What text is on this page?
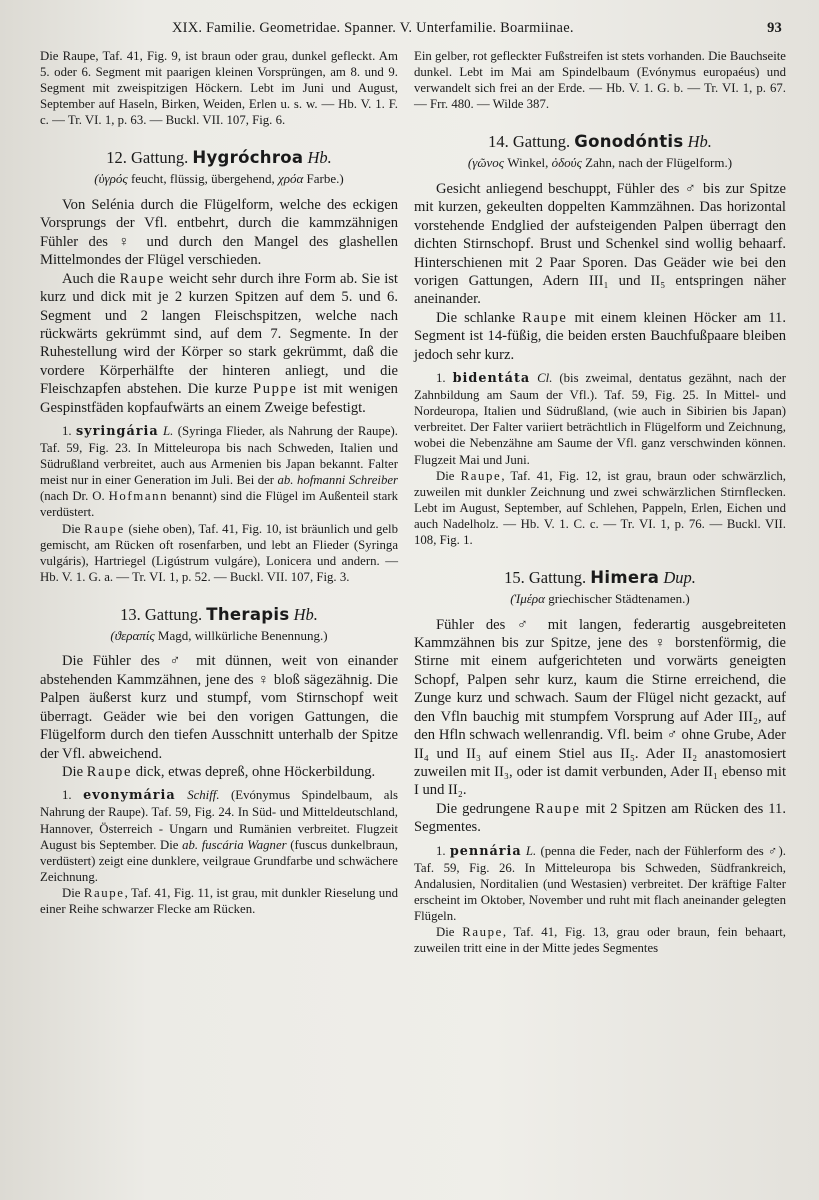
XIX. Familie. Geometridae. Spanner. V. Unterfamilie. Boarmiinae.	93

Die Raupe, Taf. 41, Fig. 9, ist braun oder grau, dunkel gefleckt. Am 5. oder 6. Segment mit paarigen kleinen Vorsprüngen, am 8. und 9. Segment mit zweispitzigen Höckern. Lebt im Juni und August, September auf Haseln, Birken, Weiden, Erlen u. s. w. — Hb. V. 1. F. c. — Tr. VI. 1, p. 63. — Buckl. VII. 107, Fig. 6.

12. Gattung. Hygróchroa Hb.
(ὑγρός feucht, flüssig, übergehend, χρόα Farbe.)

Von Selénia durch die Flügelform, welche des eckigen Vorsprungs der Vfl. entbehrt, durch die kammzähnigen Fühler des ♀ und durch den Mangel des glashellen Mittelmondes der Flügel verschieden.

Auch die Raupe weicht sehr durch ihre Form ab. Sie ist kurz und dick mit je 2 kurzen Spitzen auf dem 5. und 6. Segment und 2 langen Fleischspitzen, welche nach rückwärts gekrümmt sind, auf dem 7. Segmente. In der Ruhestellung wird der Körper so stark gekrümmt, daß die vordere Körperhälfte der hinteren anliegt, und die Fleischzapfen abstehen. Die kurze Puppe ist mit wenigen Gespinstfäden kopfaufwärts an einem Zweige befestigt.

1. syringária L. (Syringa Flieder, als Nahrung der Raupe). Taf. 59, Fig. 23. In Mitteleuropa bis nach Schweden, Italien und Südrußland verbreitet, auch aus Armenien bis Japan bekannt. Falter meist nur in einer Generation im Juli. Bei der ab. hofmanni Schreiber (nach Dr. O. Hofmann benannt) sind die Flügel im Außenteil stark verdüstert.

Die Raupe (siehe oben), Taf. 41, Fig. 10, ist bräunlich und gelb gemischt, am Rücken oft rosenfarben, und lebt an Flieder (Syringa vulgáris), Hartriegel (Ligústrum vulgáre), Lonicera und andern. — Hb. V. 1. G. a. — Tr. VI. 1, p. 52. — Buckl. VII. 107, Fig. 3.

13. Gattung. Therapis Hb.
(ϑεραπίς Magd, willkürliche Benennung.)

Die Fühler des ♂ mit dünnen, weit von einander abstehenden Kammzähnen, jene des ♀ bloß sägezähnig. Die Palpen äußerst kurz und stumpf, vom Stirnschopf weit überragt. Geäder wie bei den vorigen Gattungen, die Flügelform durch den tiefen Ausschnitt unterhalb der Spitze der Vfl. abweichend.

Die Raupe dick, etwas depreß, ohne Höckerbildung.

1. evonymária Schiff. (Evónymus Spindelbaum, als Nahrung der Raupe). Taf. 59, Fig. 24. In Süd- und Mitteldeutschland, Hannover, Österreich - Ungarn und Rumänien verbreitet. Flugzeit August bis September. Die ab. fuscária Wagner (fuscus dunkelbraun, verdüstert) zeigt eine dunklere, veilgraue Grundfarbe und schwächere Zeichnung.

Die Raupe, Taf. 41, Fig. 11, ist grau, mit dunkler Rieselung und einer Reihe schwarzer Flecke am Rücken.

Ein gelber, rot gefleckter Fußstreifen ist stets vorhanden. Die Bauchseite dunkel. Lebt im Mai am Spindelbaum (Evónymus europaéus) und verwandelt sich frei an der Erde. — Hb. V. 1. G. b. — Tr. VI. 1, p. 67. — Frr. 480. — Wilde 387.

14. Gattung. Gonodóntis Hb.
(γῶνος Winkel, ὀδούς Zahn, nach der Flügelform.)

Gesicht anliegend beschuppt, Fühler des ♂ bis zur Spitze mit kurzen, gekeulten doppelten Kammzähnen. Das horizontal vorstehende Endglied der aufsteigenden Palpen überragt den dichten Stirnschopf. Brust und Schenkel sind wollig behaarf. Hinterschienen mit 2 Paar Sporen. Das Geäder wie bei den vorigen Gattungen, Adern III₁ und II₅ entspringen näher aneinander.

Die schlanke Raupe mit einem kleinen Höcker am 11. Segment ist 14-füßig, die beiden ersten Bauchfußpaare bleiben jedoch sehr kurz.

1. bidentáta Cl. (bis zweimal, dentatus gezähnt, nach der Zahnbildung am Saum der Vfl.). Taf. 59, Fig. 25. In Mittel- und Nordeuropa, Italien und Südrußland, (wie auch in Sibirien bis Japan) verbreitet. Der Falter variiert beträchtlich in Flügelform und Zeichnung, wobei die Nebenzähne am Saume der Vfl. ganz verschwinden können. Flugzeit Mai und Juni.

Die Raupe, Taf. 41, Fig. 12, ist grau, braun oder schwärzlich, zuweilen mit dunkler Zeichnung und zwei schwärzlichen Stirnflecken. Lebt im August, September, auf Schlehen, Pappeln, Erlen, Eichen und auch Nadelholz. — Hb. V. 1. C. c. — Tr. VI. 1, p. 76. — Buckl. VII. 108, Fig. 1.

15. Gattung. Himera Dup.
(Ἱμέρα griechischer Städtenamen.)

Fühler des ♂ mit langen, federartig ausgebreiteten Kammzähnen bis zur Spitze, jene des ♀ borstenförmig, die Stirne mit einem aufgerichteten und vorwärts geneigten Schopf, Palpen sehr kurz, kaum die Stirne erreichend, die Zunge kurz und schwach. Saum der Flügel nicht gezackt, auf den Vfln bauchig mit stumpfem Vorsprung auf Ader III₂, auf den Hfln schwach wellenrandig. Vfl. beim ♂ ohne Grube, Ader II₄ und II₃ auf einem Stiel aus II₅. Ader II₂ anastomosiert zuweilen mit II₃, oder ist damit verbunden, Ader II₁ ebenso mit I und II₂.

Die gedrungene Raupe mit 2 Spitzen am Rücken des 11. Segmentes.

1. pennária L. (penna die Feder, nach der Fühlerform des ♂). Taf. 59, Fig. 26. In Mitteleuropa bis Schweden, Südfrankreich, Andalusien, Norditalien (und Westasien) verbreitet. Der kräftige Falter erscheint im Oktober, November und ruht mit flach aneinander gelegten Flügeln.

Die Raupe, Taf. 41, Fig. 13, grau oder braun, fein behaart, zuweilen tritt eine in der Mitte jedes Segmentes
